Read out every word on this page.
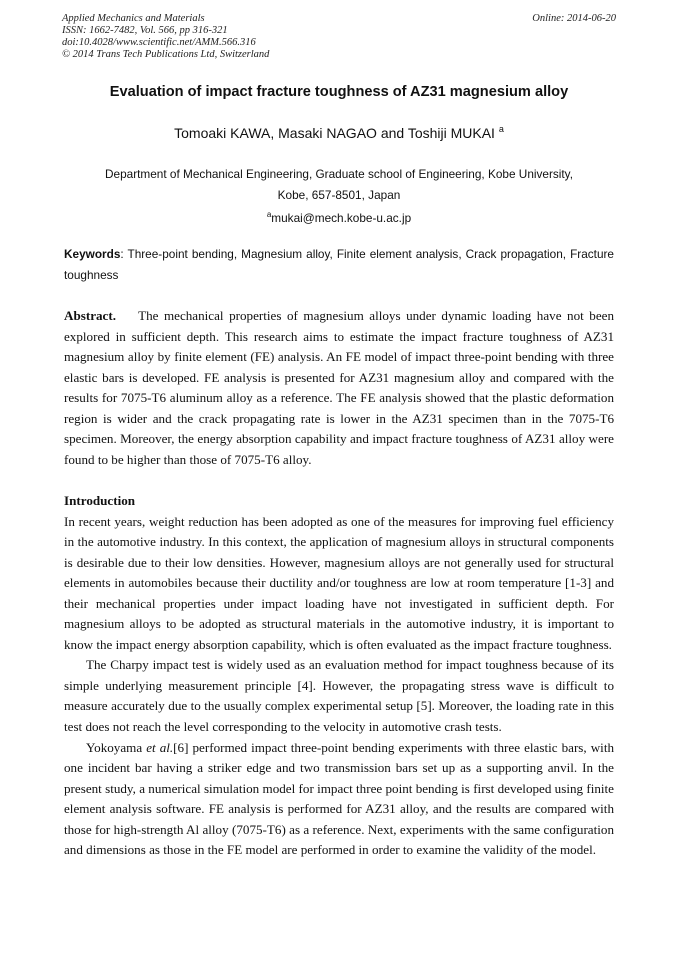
Applied Mechanics and Materials
ISSN: 1662-7482, Vol. 566, pp 316-321
doi:10.4028/www.scientific.net/AMM.566.316
© 2014 Trans Tech Publications Ltd, Switzerland
Online: 2014-06-20
Evaluation of impact fracture toughness of AZ31 magnesium alloy
Tomoaki KAWA, Masaki NAGAO and Toshiji MUKAI $^a$
Department of Mechanical Engineering, Graduate school of Engineering, Kobe University,
Kobe, 657-8501, Japan
$^a$mukai@mech.kobe-u.ac.jp
Keywords: Three-point bending, Magnesium alloy, Finite element analysis, Crack propagation, Fracture toughness

Abstract. The mechanical properties of magnesium alloys under dynamic loading have not been explored in sufficient depth. This research aims to estimate the impact fracture toughness of AZ31 magnesium alloy by finite element (FE) analysis. An FE model of impact three-point bending with three elastic bars is developed. FE analysis is presented for AZ31 magnesium alloy and compared with the results for 7075-T6 aluminum alloy as a reference. The FE analysis showed that the plastic deformation region is wider and the crack propagating rate is lower in the AZ31 specimen than in the 7075-T6 specimen. Moreover, the energy absorption capability and impact fracture toughness of AZ31 alloy were found to be higher than those of 7075-T6 alloy.

Introduction

In recent years, weight reduction has been adopted as one of the measures for improving fuel efficiency in the automotive industry. In this context, the application of magnesium alloys in structural components is desirable due to their low densities. However, magnesium alloys are not generally used for structural elements in automobiles because their ductility and/or toughness are low at room temperature [1-3] and their mechanical properties under impact loading have not investigated in sufficient depth. For magnesium alloys to be adopted as structural materials in the automotive industry, it is important to know the impact energy absorption capability, which is often evaluated as the impact fracture toughness.

The Charpy impact test is widely used as an evaluation method for impact toughness because of its simple underlying measurement principle [4]. However, the propagating stress wave is difficult to measure accurately due to the usually complex experimental setup [5]. Moreover, the loading rate in this test does not reach the level corresponding to the velocity in automotive crash tests.

Yokoyama et al.[6] performed impact three-point bending experiments with three elastic bars, with one incident bar having a striker edge and two transmission bars set up as a supporting anvil. In the present study, a numerical simulation model for impact three point bending is first developed using finite element analysis software. FE analysis is performed for AZ31 alloy, and the results are compared with those for high-strength Al alloy (7075-T6) as a reference. Next, experiments with the same configuration and dimensions as those in the FE model are performed in order to examine the validity of the model.
